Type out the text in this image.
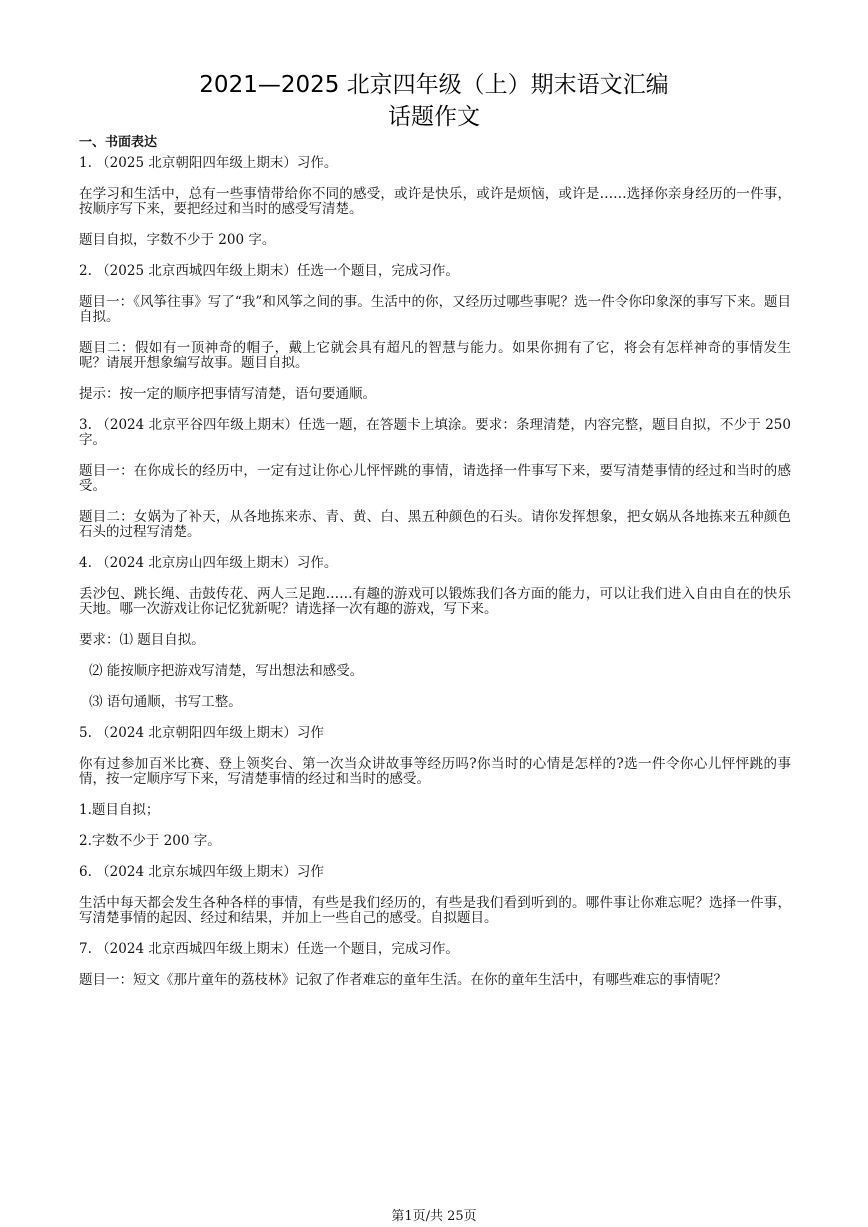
2021—2025 北京四年级（上）期末语文汇编
话题作文
一、书面表达

1. （2025 北京朝阳四年级上期末）习作。

在学习和生活中，总有一些事情带给你不同的感受，或许是快乐，或许是烦恼，或许是……选择你亲身经历的一件事，按顺序写下来，要把经过和当时的感受写清楚。

题目自拟，字数不少于 200 字。

2. （2025 北京西城四年级上期末）任选一个题目，完成习作。

题目一：《风筝往事》写了“我”和风筝之间的事。生活中的你，又经历过哪些事呢？选一件令你印象深的事写下来。题目自拟。

题目二：假如有一顶神奇的帽子，戴上它就会具有超凡的智慧与能力。如果你拥有了它，将会有怎样神奇的事情发生呢？请展开想象编写故事。题目自拟。

提示：按一定的顺序把事情写清楚，语句要通顺。

3. （2024 北京平谷四年级上期末）任选一题，在答题卡上填涂。要求：条理清楚，内容完整，题目自拟，不少于 250 字。

题目一：在你成长的经历中，一定有过让你心儿怦怦跳的事情，请选择一件事写下来，要写清楚事情的经过和当时的感受。

题目二：女娲为了补天，从各地拣来赤、青、黄、白、黑五种颜色的石头。请你发挥想象，把女娲从各地拣来五种颜色石头的过程写清楚。

4. （2024 北京房山四年级上期末）习作。

丢沙包、跳长绳、击鼓传花、两人三足跑……有趣的游戏可以锻炼我们各方面的能力，可以让我们进入自由自在的快乐天地。哪一次游戏让你记忆犹新呢？请选择一次有趣的游戏，写下来。

要求：⑴ 题目自拟。

⑵ 能按顺序把游戏写清楚，写出想法和感受。

⑶ 语句通顺，书写工整。

5. （2024 北京朝阳四年级上期末）习作

你有过参加百米比赛、登上领奖台、第一次当众讲故事等经历吗?你当时的心情是怎样的?选一件令你心儿怦怦跳的事情，按一定顺序写下来，写清楚事情的经过和当时的感受。

1.题目自拟；

2.字数不少于 200 字。

6. （2024 北京东城四年级上期末）习作

生活中每天都会发生各种各样的事情，有些是我们经历的，有些是我们看到听到的。哪件事让你难忘呢？选择一件事，写清楚事情的起因、经过和结果，并加上一些自己的感受。自拟题目。

7. （2024 北京西城四年级上期末）任选一个题目，完成习作。

题目一：短文《那片童年的荔枝林》记叙了作者难忘的童年生活。在你的童年生活中，有哪些难忘的事情呢？

第1页/共 25页
